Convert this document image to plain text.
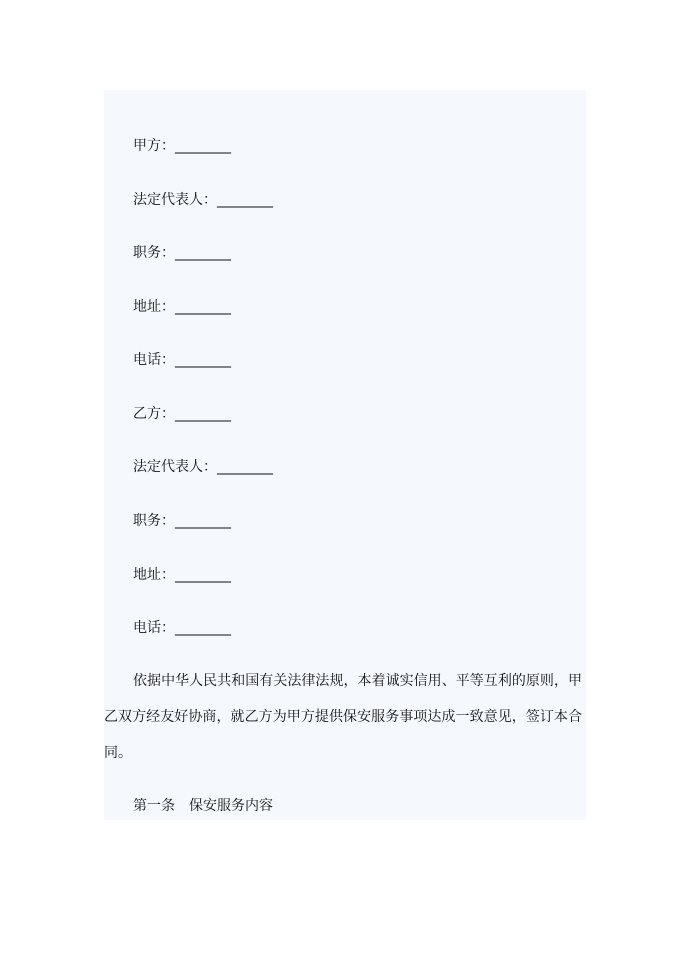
甲方：________
法定代表人：________
职务：________
地址：________
电话：________
乙方：________
法定代表人：________
职务：________
地址：________
电话：________

依据中华人民共和国有关法律法规，本着诚实信用、平等互利的原则，甲乙双方经友好协商，就乙方为甲方提供保安服务事项达成一致意见，签订本合同。

第一条　保安服务内容
